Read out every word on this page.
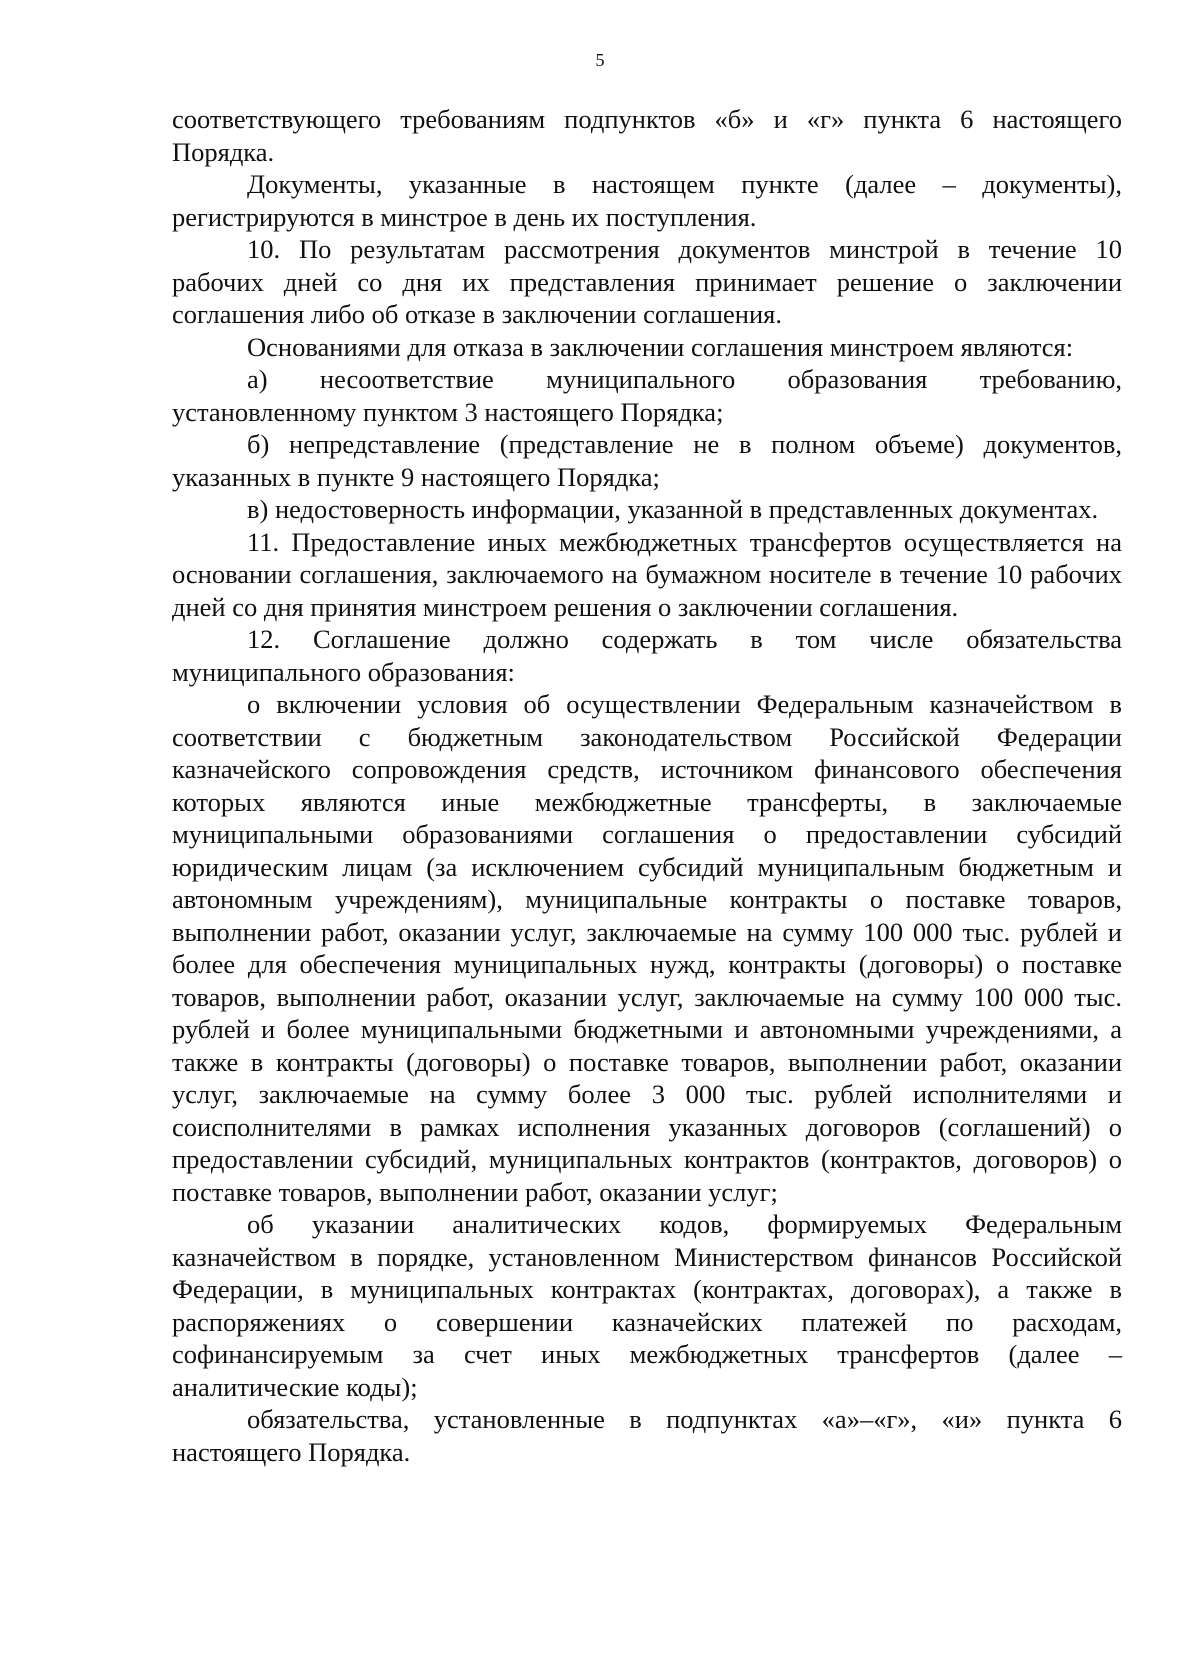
5

соответствующего требованиям подпунктов «б» и «г» пункта 6 настоящего Порядка.

Документы, указанные в настоящем пункте (далее – документы), регистрируются в минстрое в день их поступления.

10. По результатам рассмотрения документов минстрой в течение 10 рабочих дней со дня их представления принимает решение о заключении соглашения либо об отказе в заключении соглашения.

Основаниями для отказа в заключении соглашения минстроем являются:

а) несоответствие муниципального образования требованию, установленному пунктом 3 настоящего Порядка;

б) непредставление (представление не в полном объеме) документов, указанных в пункте 9 настоящего Порядка;

в) недостоверность информации, указанной в представленных документах.

11. Предоставление иных межбюджетных трансфертов осуществляется на основании соглашения, заключаемого на бумажном носителе в течение 10 рабочих дней со дня принятия минстроем решения о заключении соглашения.

12. Соглашение должно содержать в том числе обязательства муниципального образования:

о включении условия об осуществлении Федеральным казначейством в соответствии с бюджетным законодательством Российской Федерации казначейского сопровождения средств, источником финансового обеспечения которых являются иные межбюджетные трансферты, в заключаемые муниципальными образованиями соглашения о предоставлении субсидий юридическим лицам (за исключением субсидий муниципальным бюджетным и автономным учреждениям), муниципальные контракты о поставке товаров, выполнении работ, оказании услуг, заключаемые на сумму 100 000 тыс. рублей и более для обеспечения муниципальных нужд, контракты (договоры) о поставке товаров, выполнении работ, оказании услуг, заключаемые на сумму 100 000 тыс. рублей и более муниципальными бюджетными и автономными учреждениями, а также в контракты (договоры) о поставке товаров, выполнении работ, оказании услуг, заключаемые на сумму более 3 000 тыс. рублей исполнителями и соисполнителями в рамках исполнения указанных договоров (соглашений) о предоставлении субсидий, муниципальных контрактов (контрактов, договоров) о поставке товаров, выполнении работ, оказании услуг;

об указании аналитических кодов, формируемых Федеральным казначейством в порядке, установленном Министерством финансов Российской Федерации, в муниципальных контрактах (контрактах, договорах), а также в распоряжениях о совершении казначейских платежей по расходам, софинансируемым за счет иных межбюджетных трансфертов (далее – аналитические коды);

обязательства, установленные в подпунктах «а»–«г», «и» пункта 6 настоящего Порядка.
